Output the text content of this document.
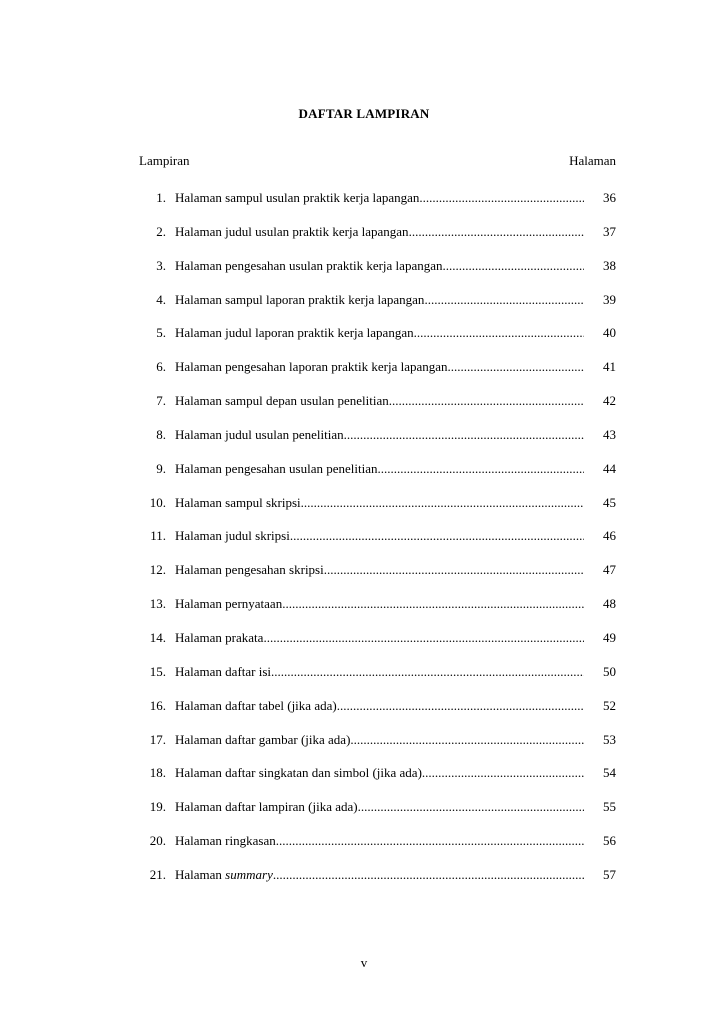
DAFTAR LAMPIRAN
Lampiran	Halaman
1. Halaman sampul usulan praktik kerja lapangan .....	36
2. Halaman judul usulan praktik kerja lapangan .....	37
3. Halaman pengesahan usulan praktik kerja lapangan .....	38
4. Halaman sampul laporan praktik kerja lapangan .....	39
5. Halaman judul laporan praktik kerja lapangan .....	40
6. Halaman pengesahan laporan praktik kerja lapangan .....	41
7. Halaman sampul depan usulan penelitian .....	42
8. Halaman judul usulan penelitian .....	43
9. Halaman pengesahan usulan penelitian .....	44
10. Halaman sampul skripsi .....	45
11. Halaman judul skripsi .....	46
12. Halaman pengesahan skripsi .....	47
13. Halaman pernyataan .....	48
14. Halaman prakata .....	49
15. Halaman daftar isi .....	50
16. Halaman daftar tabel (jika ada) .....	52
17. Halaman daftar gambar (jika ada) .....	53
18. Halaman daftar singkatan dan simbol (jika ada) .....	54
19. Halaman daftar lampiran (jika ada) .....	55
20. Halaman ringkasan .....	56
21. Halaman summary .....	57
v
